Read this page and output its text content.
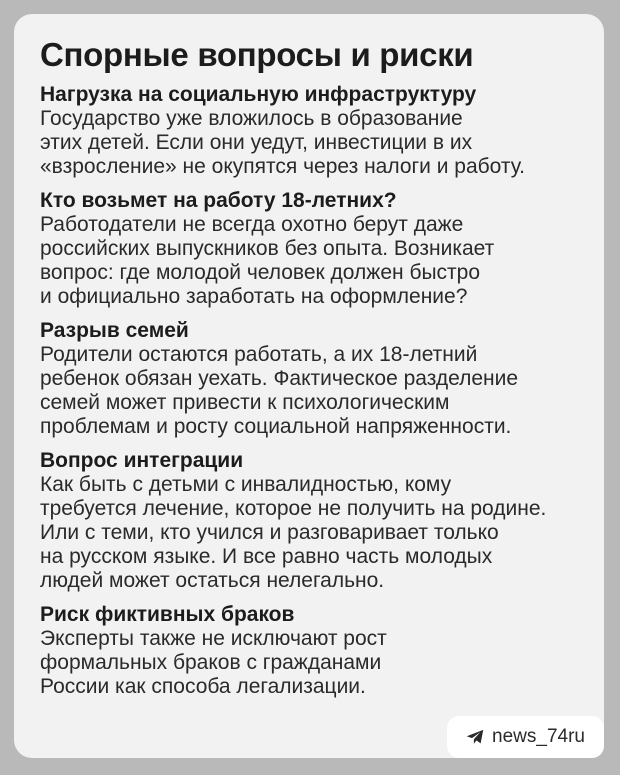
Спорные вопросы и риски
Нагрузка на социальную инфраструктуру

Государство уже вложилось в образование
этих детей. Если они уедут, инвестиции в их
«взросление» не окупятся через налоги и работу.

Кто возьмет на работу 18-летних?

Работодатели не всегда охотно берут даже
российских выпускников без опыта. Возникает
вопрос: где молодой человек должен быстро
и официально заработать на оформление?

Разрыв семей

Родители остаются работать, а их 18-летний
ребенок обязан уехать. Фактическое разделение
семей может привести к психологическим
проблемам и росту социальной напряженности.

Вопрос интеграции

Как быть с детьми с инвалидностью, кому
требуется лечение, которое не получить на родине.
Или с теми, кто учился и разговаривает только
на русском языке. И все равно часть молодых
людей может остаться нелегально.

Риск фиктивных браков

Эксперты также не исключают рост
формальных браков с гражданами
России как способа легализации.

news_74ru
